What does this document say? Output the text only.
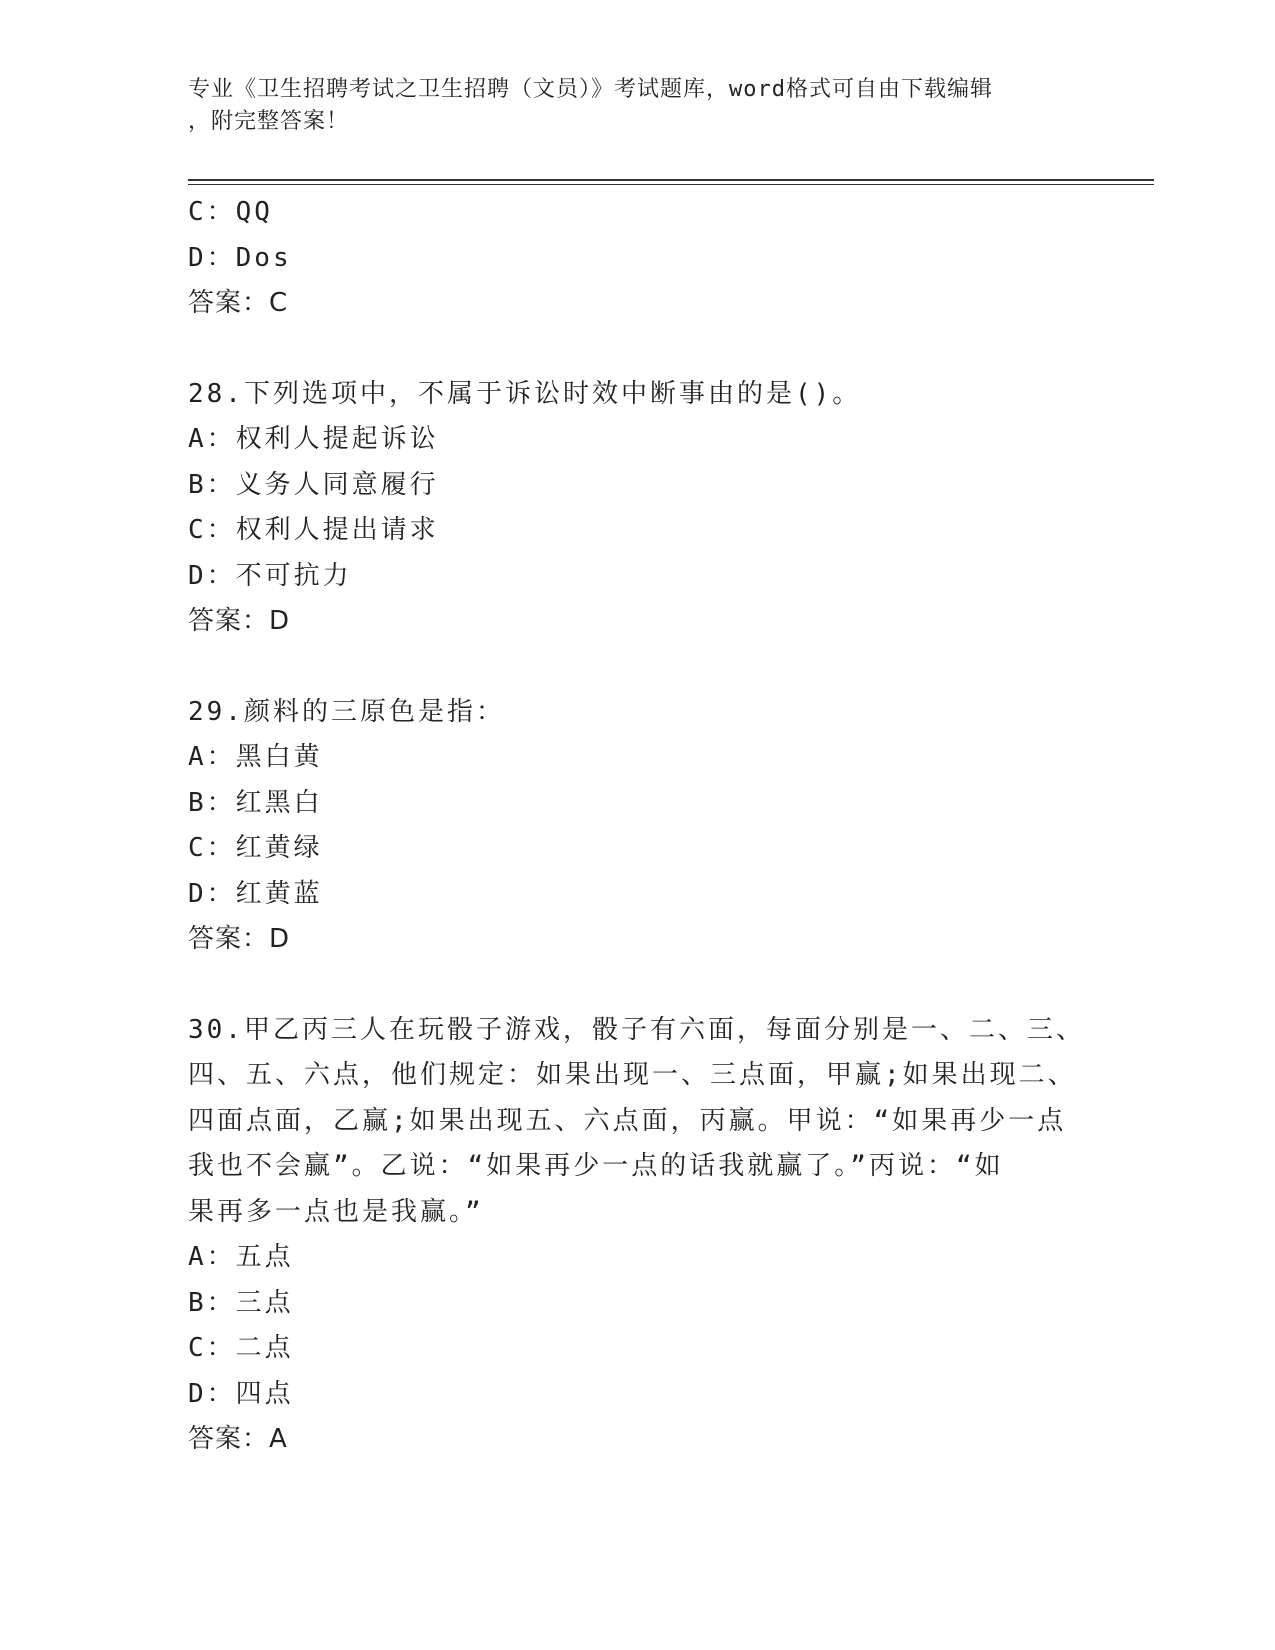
专业《卫生招聘考试之卫生招聘（文员）》考试题库，word格式可自由下载编辑
，附完整答案！
C：QQ
D：Dos
答案：C
28.下列选项中，不属于诉讼时效中断事由的是()。
A：权利人提起诉讼
B：义务人同意履行
C：权利人提出请求
D：不可抗力
答案：D
29.颜料的三原色是指：
A：黑白黄
B：红黑白
C：红黄绿
D：红黄蓝
答案：D
30.甲乙丙三人在玩骰子游戏，骰子有六面，每面分别是一、二、三、
四、五、六点，他们规定：如果出现一、三点面，甲赢;如果出现二、
四面点面，乙赢;如果出现五、六点面，丙赢。甲说：“如果再少一点
我也不会赢”。乙说：“如果再少一点的话我就赢了。”丙说：“如
果再多一点也是我赢。”
A：五点
B：三点
C：二点
D：四点
答案：A
